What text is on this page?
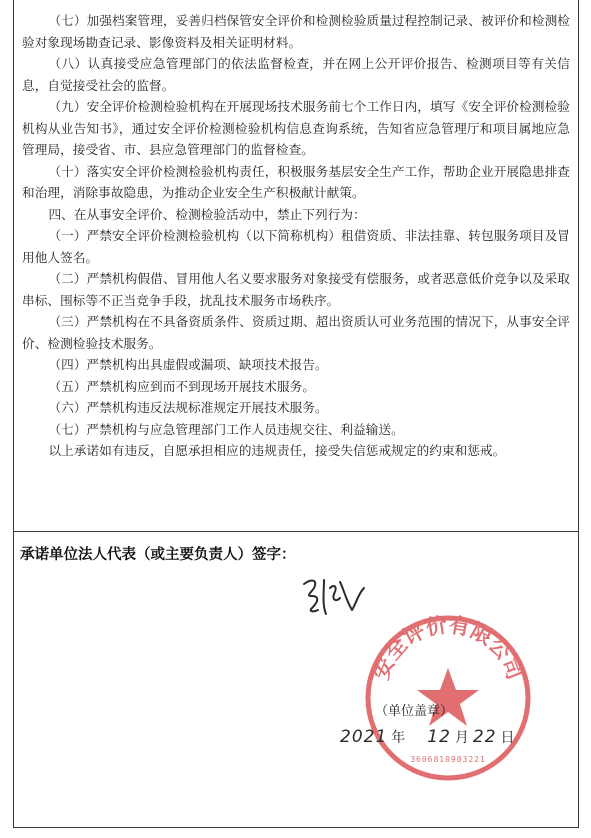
（七）加强档案管理，妥善归档保管安全评价和检测检验质量过程控制记录、被评价和检测检验对象现场勘查记录、影像资料及相关证明材料。

（八）认真接受应急管理部门的依法监督检查，并在网上公开评价报告、检测项目等有关信息，自觉接受社会的监督。

（九）安全评价检测检验机构在开展现场技术服务前七个工作日内，填写《安全评价检测检验机构从业告知书》，通过安全评价检测检验机构信息查询系统，告知省应急管理厅和项目属地应急管理局，接受省、市、县应急管理部门的监督检查。

（十）落实安全评价检测检验机构责任，积极服务基层安全生产工作，帮助企业开展隐患排查和治理，消除事故隐患，为推动企业安全生产积极献计献策。

四、在从事安全评价、检测检验活动中，禁止下列行为：

（一）严禁安全评价检测检验机构（以下简称机构）租借资质、非法挂靠、转包服务项目及冒用他人签名。

（二）严禁机构假借、冒用他人名义要求服务对象接受有偿服务，或者恶意低价竞争以及采取串标、围标等不正当竞争手段，扰乱技术服务市场秩序。

（三）严禁机构在不具备资质条件、资质过期、超出资质认可业务范围的情况下，从事安全评价、检测检验技术服务。

（四）严禁机构出具虚假或漏项、缺项技术报告。

（五）严禁机构应到而不到现场开展技术服务。

（六）严禁机构违反法规标准规定开展技术服务。

（七）严禁机构与应急管理部门工作人员违规交往、利益输送。

以上承诺如有违反，自愿承担相应的违规责任，接受失信惩戒规定的约束和惩戒。

承诺单位法人代表（或主要负责人）签字：
安全评价有限公司
3606810903221
（单位盖章）
2021 年 12 月 22 日
